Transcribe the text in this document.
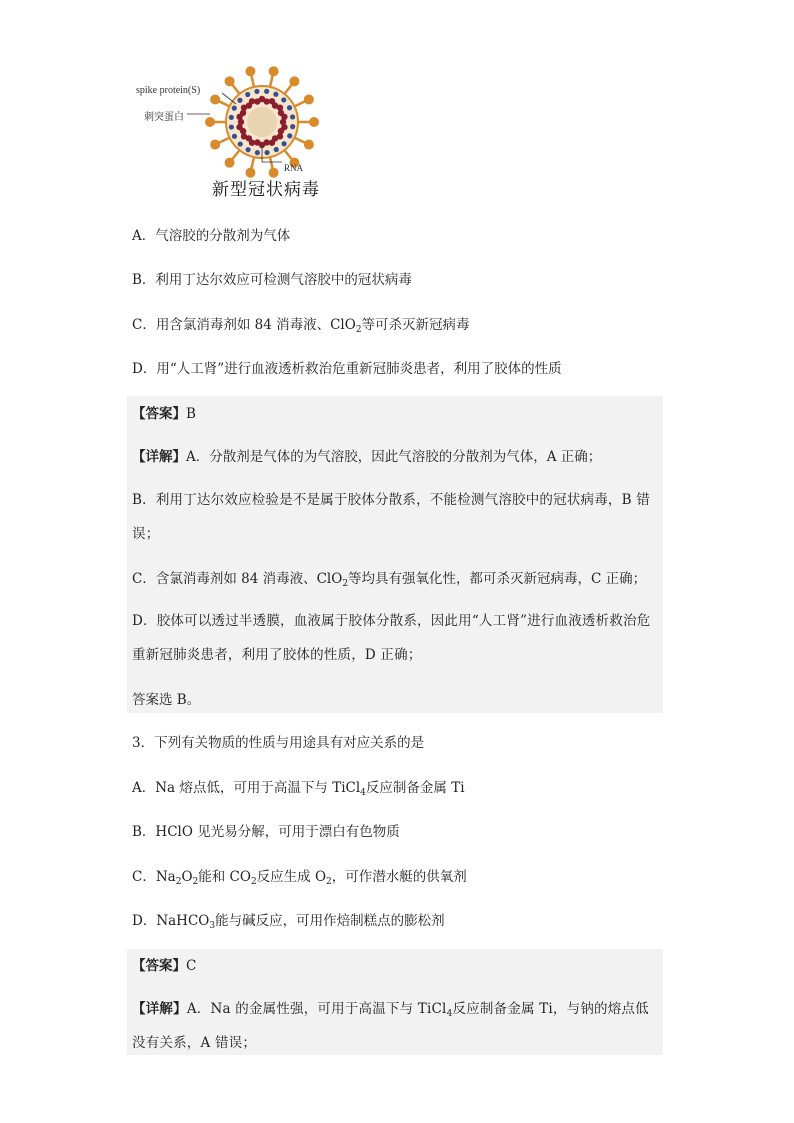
spike protein(S)
刺突蛋白
RNA
新型冠状病毒
A．气溶胶的分散剂为气体
B．利用丁达尔效应可检测气溶胶中的冠状病毒
C．用含氯消毒剂如 84 消毒液、ClO$_2$等可杀灭新冠病毒
D．用“人工肾”进行血液透析救治危重新冠肺炎患者，利用了胶体的性质
【答案】B
【详解】A．分散剂是气体的为气溶胶，因此气溶胶的分散剂为气体，A 正确；
B．利用丁达尔效应检验是不是属于胶体分散系，不能检测气溶胶中的冠状病毒，B 错误；
C．含氯消毒剂如 84 消毒液、ClO$_2$等均具有强氧化性，都可杀灭新冠病毒，C 正确；
D．胶体可以透过半透膜，血液属于胶体分散系，因此用“人工肾”进行血液透析救治危重新冠肺炎患者，利用了胶体的性质，D 正确；
答案选 B。
3．下列有关物质的性质与用途具有对应关系的是
A．Na 熔点低，可用于高温下与 TiCl$_4$反应制备金属 Ti
B．HClO 见光易分解，可用于漂白有色物质
C．$Na_2O_2$能和 $CO_2$反应生成 $O_2$，可作潜水艇的供氧剂
D．NaHCO$_3$能与碱反应，可用作焙制糕点的膨松剂
【答案】C
【详解】A．Na 的金属性强，可用于高温下与 TiCl$_4$反应制备金属 Ti，与钠的熔点低没有关系，A 错误；
